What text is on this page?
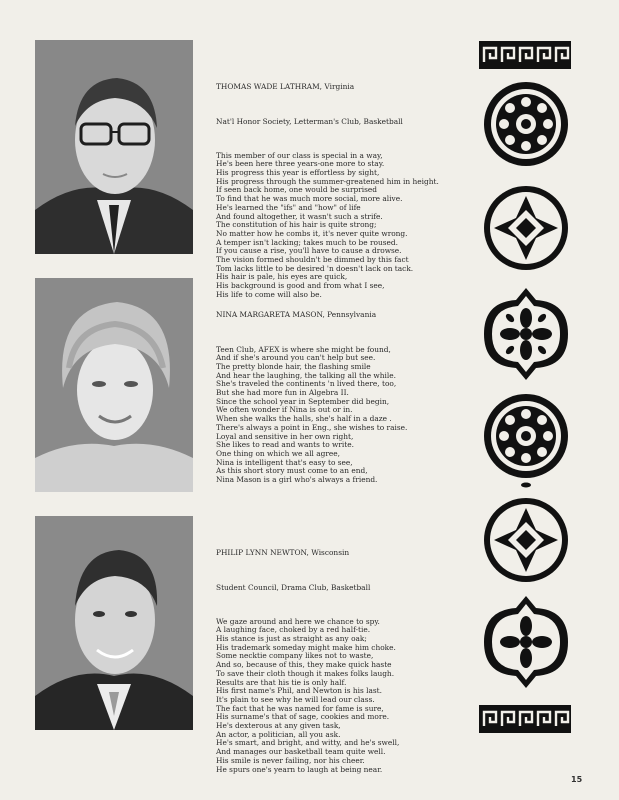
THOMAS WADE LATHRAM, Virginia

Nat'l Honor Society, Letterman's Club, Basketball

This member of our class is special in a way,
He's been here three years-one more to stay.
His progress this year is effortless by sight,
His progress through the summer-greatened him in height.
If seen back home, one would be surprised
To find that he was much more social, more alive.
He's learned the "ifs" and "how" of life
And found altogether, it wasn't such a strife.
The constitution of his hair is quite strong;
No matter how he combs it, it's never quite wrong.
A temper isn't lacking; takes much to be roused.
If you cause a rise, you'll have to cause a drowse.
The vision formed shouldn't be dimmed by this fact
Tom lacks little to be desired 'n doesn't lack on tack.
His hair is pale, his eyes are quick,
His background is good and from what I see,
His life to come will also be.

NINA MARGARETA MASON, Pennsylvania

Teen Club, AFEX is where she might be found,
And if she's around you can't help but see.
The pretty blonde hair, the flashing smile
And hear the laughing, the talking all the while.
She's traveled the continents 'n lived there, too,
But she had more fun in Algebra II.
Since the school year in September did begin,
We often wonder if Nina is out or in.
When she walks the halls, she's half in a daze .
There's always a point in Eng., she wishes to raise.
Loyal and sensitive in her own right,
She likes to read and wants to write.
One thing on which we all agree,
Nina is intelligent that's easy to see,
As this short story must come to an end,
Nina Mason is a girl who's always a friend.

PHILIP LYNN NEWTON, Wisconsin

Student Council, Drama Club, Basketball

We gaze around and here we chance to spy.
A laughing face, choked by a red half-tie.
His stance is just as straight as any oak;
His trademark someday might make him choke.
Some necktie company likes not to waste,
And so, because of this, they make quick haste
To save their cloth though it makes folks laugh.
Results are that his tie is only half.
His first name's Phil, and Newton is his last.
It's plain to see why he will lead our class.
The fact that he was named for fame is sure,
His surname's that of sage, cookies and more.
He's dexterous at any given task,
An actor, a politician, all you ask.
He's smart, and bright, and witty, and he's swell,
And manages our basketball team quite well.
His smile is never failing, nor his cheer.
He spurs one's yearn to laugh at being near.

15
